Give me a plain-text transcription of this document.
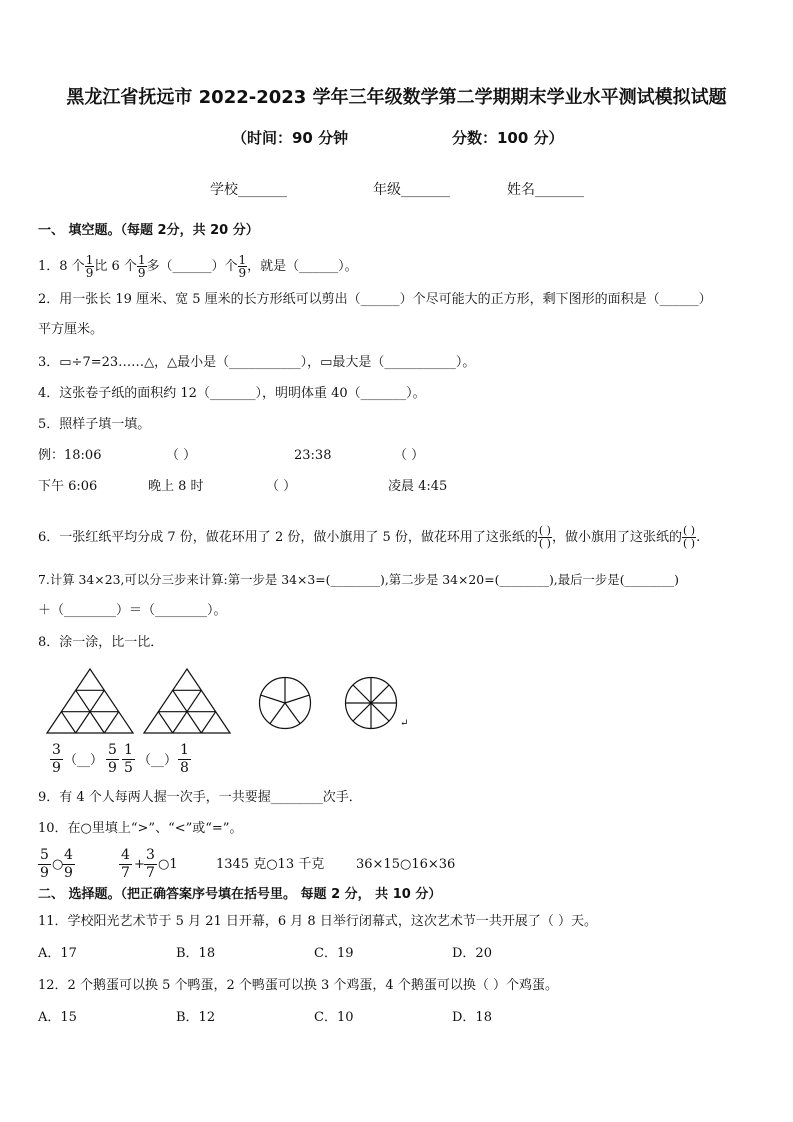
黑龙江省抚远市 2022-2023 学年三年级数学第二学期期末学业水平测试模拟试题
（时间：90 分钟	分数：100 分）
学校_______	年级_______	姓名_______
一、 填空题。（每题 2分，共 20 分）
1．8 个 $\frac{1}{9}$ 比 6 个 $\frac{1}{9}$ 多（______）个 $\frac{1}{9}$ ，就是（______）。
2．用一张长 19 厘米、宽 5 厘米的长方形纸可以剪出（______）个尽可能大的正方形，剩下图形的面积是（______）
平方厘米。
3．▭÷7=23……△，△最小是（___________），▭最大是（___________）。
4．这张卷子纸的面积约 12（_______），明明体重 40（_______）。
5．照样子填一填。
例：18:06	（ ）	23:38	（ ）
下午 6:06	晚上 8 时	（ ）	凌晨 4:45
6．一张红纸平均分成 7 份，做花环用了 2 份，做小旗用了 5 份，做花环用了这张纸的 $\frac{( )}{( )}$ ，做小旗用了这张纸的 $\frac{( )}{( )}$ .
7.计算 34×23,可以分三步来计算:第一步是 34×3=(________),第二步是 34×20=(________),最后一步是(________)
＋（________）＝（________）。
8．涂一涂，比一比．
↵
3
9 （__）
5
9
1
5 （__）
1
8
9．有 4 个人每两人握一次手，一共要握________次手．
10．在○里填上“>”、“<”或“=”。
5
9
○
4
9
4
7
+
3
7
○1	1345 克○13 千克 36×15○16×36
二、 选择题。（把正确答案序号填在括号里。 每题 2 分， 共 10 分）
11．学校阳光艺术节于 5 月 21 日开幕，6 月 8 日举行闭幕式，这次艺术节一共开展了（ ）天。
A．17	B．18	C．19	D．20
12．2 个鹅蛋可以换 5 个鸭蛋，2 个鸭蛋可以换 3 个鸡蛋，4 个鹅蛋可以换（ ）个鸡蛋。
A．15	B．12	C．10	D．18
